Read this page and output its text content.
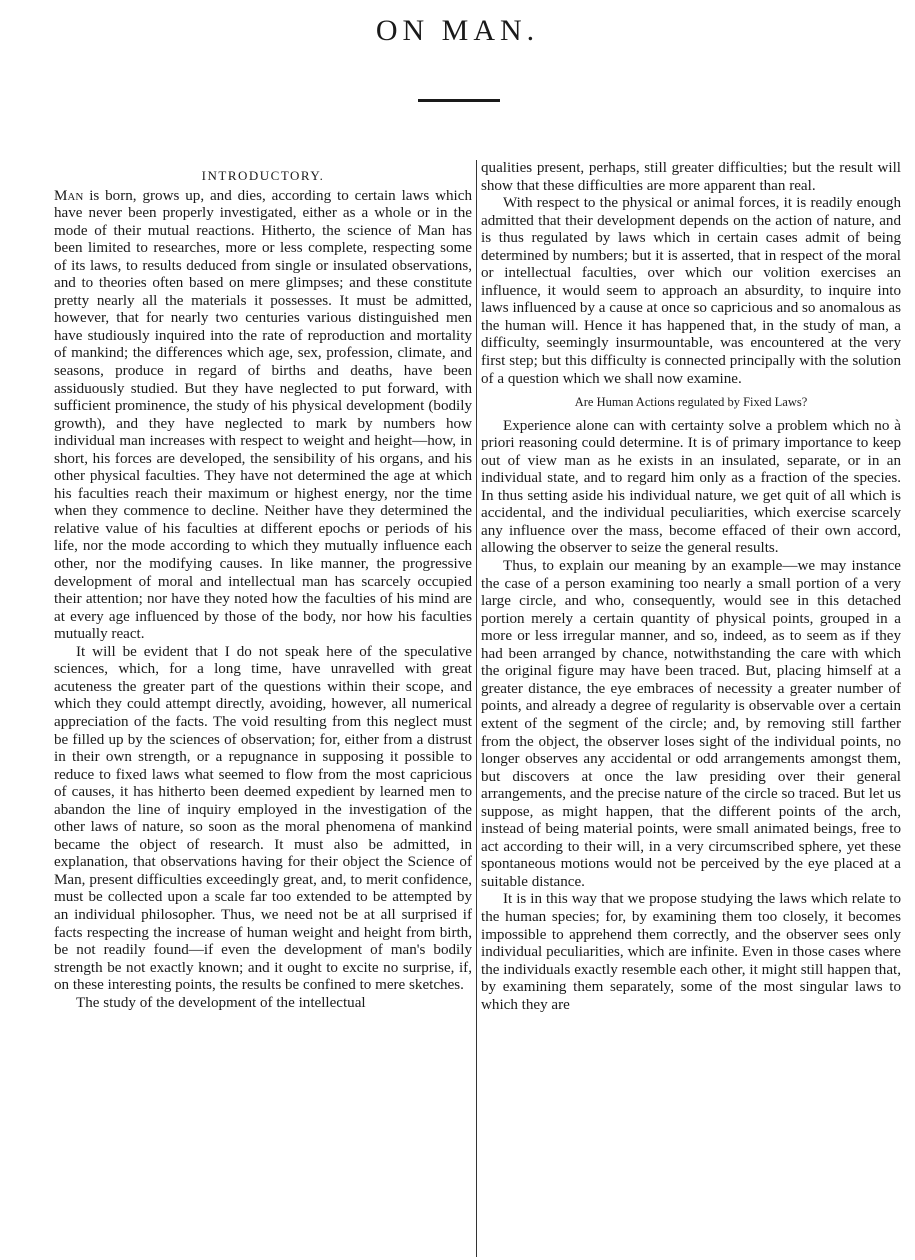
ON MAN.
INTRODUCTORY.

Man is born, grows up, and dies, according to certain laws which have never been properly investigated, either as a whole or in the mode of their mutual reactions. Hitherto, the science of Man has been limited to researches, more or less complete, respecting some of its laws, to results deduced from single or insulated observations, and to theories often based on mere glimpses; and these constitute pretty nearly all the materials it possesses. It must be admitted, however, that for nearly two centuries various distinguished men have studiously inquired into the rate of reproduction and mortality of mankind; the differences which age, sex, profession, climate, and seasons, produce in regard of births and deaths, have been assiduously studied. But they have neglected to put forward, with sufficient prominence, the study of his physical development (bodily growth), and they have neglected to mark by numbers how individual man increases with respect to weight and height—how, in short, his forces are developed, the sensibility of his organs, and his other physical faculties. They have not determined the age at which his faculties reach their maximum or highest energy, nor the time when they commence to decline. Neither have they determined the relative value of his faculties at different epochs or periods of his life, nor the mode according to which they mutually influence each other, nor the modifying causes. In like manner, the progressive development of moral and intellectual man has scarcely occupied their attention; nor have they noted how the faculties of his mind are at every age influenced by those of the body, nor how his faculties mutually react.

It will be evident that I do not speak here of the speculative sciences, which, for a long time, have unravelled with great acuteness the greater part of the questions within their scope, and which they could attempt directly, avoiding, however, all numerical appreciation of the facts. The void resulting from this neglect must be filled up by the sciences of observation; for, either from a distrust in their own strength, or a repugnance in supposing it possible to reduce to fixed laws what seemed to flow from the most capricious of causes, it has hitherto been deemed expedient by learned men to abandon the line of inquiry employed in the investigation of the other laws of nature, so soon as the moral phenomena of mankind became the object of research. It must also be admitted, in explanation, that observations having for their object the Science of Man, present difficulties exceedingly great, and, to merit confidence, must be collected upon a scale far too extended to be attempted by an individual philosopher. Thus, we need not be at all surprised if facts respecting the increase of human weight and height from birth, be not readily found—if even the development of man's bodily strength be not exactly known; and it ought to excite no surprise, if, on these interesting points, the results be confined to mere sketches.

The study of the development of the intellectual

qualities present, perhaps, still greater difficulties; but the result will show that these difficulties are more apparent than real.

With respect to the physical or animal forces, it is readily enough admitted that their development depends on the action of nature, and is thus regulated by laws which in certain cases admit of being determined by numbers; but it is asserted, that in respect of the moral or intellectual faculties, over which our volition exercises an influence, it would seem to approach an absurdity, to inquire into laws influenced by a cause at once so capricious and so anomalous as the human will. Hence it has happened that, in the study of man, a difficulty, seemingly insurmountable, was encountered at the very first step; but this difficulty is connected principally with the solution of a question which we shall now examine.

Are Human Actions regulated by Fixed Laws?

Experience alone can with certainty solve a problem which no à priori reasoning could determine. It is of primary importance to keep out of view man as he exists in an insulated, separate, or in an individual state, and to regard him only as a fraction of the species. In thus setting aside his individual nature, we get quit of all which is accidental, and the individual peculiarities, which exercise scarcely any influence over the mass, become effaced of their own accord, allowing the observer to seize the general results.

Thus, to explain our meaning by an example—we may instance the case of a person examining too nearly a small portion of a very large circle, and who, consequently, would see in this detached portion merely a certain quantity of physical points, grouped in a more or less irregular manner, and so, indeed, as to seem as if they had been arranged by chance, notwithstanding the care with which the original figure may have been traced. But, placing himself at a greater distance, the eye embraces of necessity a greater number of points, and already a degree of regularity is observable over a certain extent of the segment of the circle; and, by removing still farther from the object, the observer loses sight of the individual points, no longer observes any accidental or odd arrangements amongst them, but discovers at once the law presiding over their general arrangements, and the precise nature of the circle so traced. But let us suppose, as might happen, that the different points of the arch, instead of being material points, were small animated beings, free to act according to their will, in a very circumscribed sphere, yet these spontaneous motions would not be perceived by the eye placed at a suitable distance.

It is in this way that we propose studying the laws which relate to the human species; for, by examining them too closely, it becomes impossible to apprehend them correctly, and the observer sees only individual peculiarities, which are infinite. Even in those cases where the individuals exactly resemble each other, it might still happen that, by examining them separately, some of the most singular laws to which they are
